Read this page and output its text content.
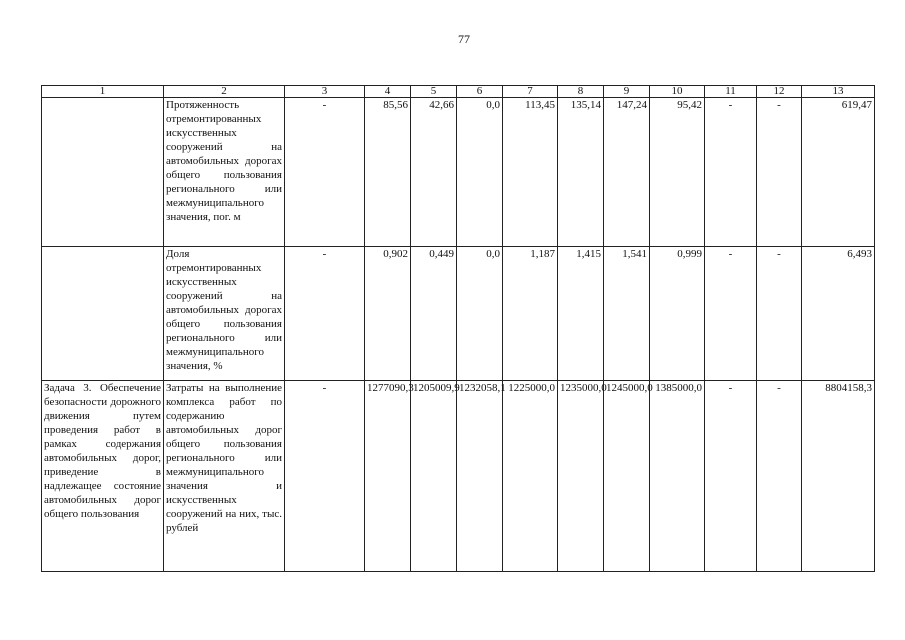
77
1	2	3	4	5	6	7	8	9	10	11	12	13
	Протяженность отремонтированных искусственных сооружений на автомобильных дорогах общего пользования регионального или межмуниципального значения, пог. м	-	85,56	42,66	0,0	113,45	135,14	147,24	95,42	-	-	619,47
	Доля отремонтированных искусственных сооружений на автомобильных дорогах общего пользования регионального или межмуниципального значения, %	-	0,902	0,449	0,0	1,187	1,415	1,541	0,999	-	-	6,493
Задача 3. Обеспечение безопасности дорожного движения путем проведения работ в рамках содержания автомобильных дорог, приведение в надлежащее состояние автомобильных дорог общего пользования	Затраты на выполнение комплекса работ по содержанию автомобильных дорог общего пользования регионального или межмуниципального значения и искусственных сооружений на них, тыс. рублей	-	1277090,3	1205009,9	1232058,1	1225000,0	1235000,0	1245000,0	1385000,0	-	-	8804158,3
